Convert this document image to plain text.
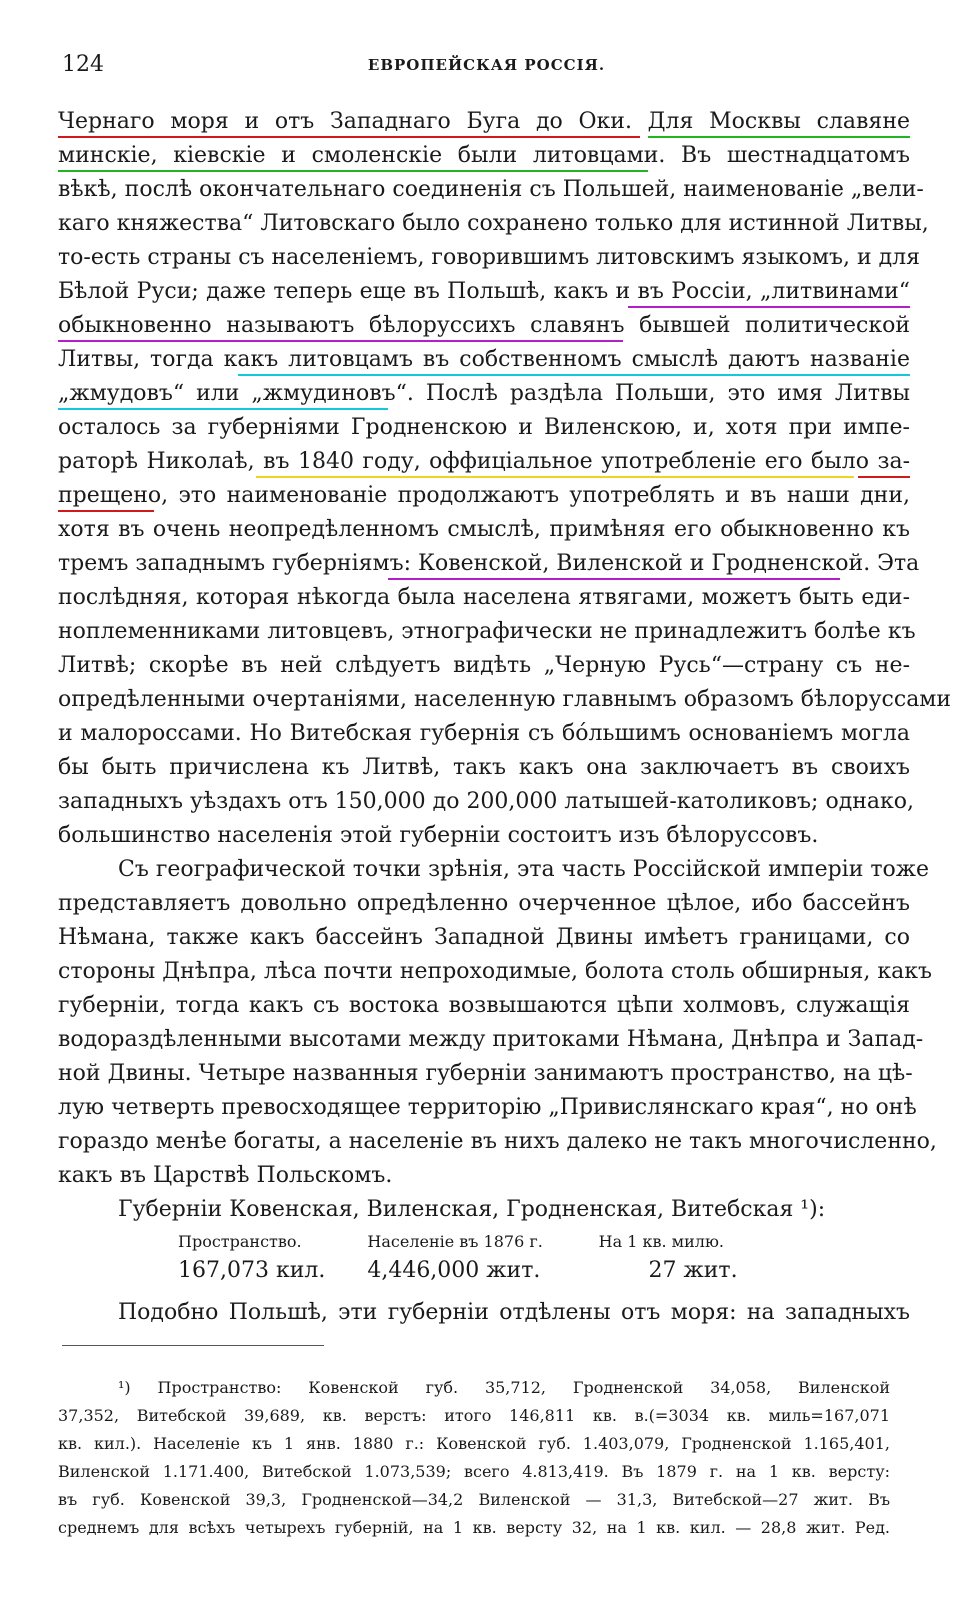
124	ЕВРОПЕЙСКАЯ РОССІЯ.
Чернаго моря и отъ Западнаго Буга до Оки. Для Москвы славяне
минскіе, кіевскіе и смоленскіе были литовцами. Въ шестнадцатомъ
вѣкѣ, послѣ окончательнаго соединенія съ Польшей, наименованіе „вели-
каго княжества“ Литовскаго было сохранено только для истинной Литвы,
то-есть страны съ населеніемъ, говорившимъ литовскимъ языкомъ, и для
Бѣлой Руси; даже теперь еще въ Польшѣ, какъ и въ Россіи, „литвинами“
обыкновенно называютъ бѣлоруссихъ славянъ бывшей политической
Литвы, тогда какъ литовцамъ въ собственномъ смыслѣ даютъ названіе
„жмудовъ“ или „жмудиновъ“. Послѣ раздѣла Польши, это имя Литвы
осталось за губерніями Гродненскою и Виленскою, и, хотя при импе-
раторѣ Николаѣ, въ 1840 году, оффиціальное употребленіе его было за-
прещено, это наименованіе продолжаютъ употреблять и въ наши дни,
хотя въ очень неопредѣленномъ смыслѣ, примѣняя его обыкновенно къ
тремъ западнымъ губерніямъ: Ковенской, Виленской и Гродненской. Эта
послѣдняя, которая нѣкогда была населена ятвягами, можетъ быть еди-
ноплеменниками литовцевъ, этнографически не принадлежитъ болѣе къ
Литвѣ; скорѣе въ ней слѣдуетъ видѣть „Черную Русь“—страну съ не-
опредѣленными очертаніями, населенную главнымъ образомъ бѣлоруссами
и малороссами. Но Витебская губернія съ бóльшимъ основаніемъ могла
бы быть причислена къ Литвѣ, такъ какъ она заключаетъ въ своихъ
западныхъ уѣздахъ отъ 150,000 до 200,000 латышей-католиковъ; однако,
большинство населенія этой губерніи состоитъ изъ бѣлоруссовъ.
Съ географической точки зрѣнія, эта часть Россійской имперіи тоже
представляетъ довольно опредѣленно очерченное цѣлое, ибо бассейнъ
Нѣмана, также какъ бассейнъ Западной Двины имѣетъ границами, со
стороны Днѣпра, лѣса почти непроходимые, болота столь обширныя, какъ
губерніи, тогда какъ съ востока возвышаются цѣпи холмовъ, служащія
водораздѣленными высотами между притоками Нѣмана, Днѣпра и Запад-
ной Двины. Четыре названныя губерніи занимаютъ пространство, на цѣ-
лую четверть превосходящее территорію „Привислянскаго края“, но онѣ
гораздо менѣе богаты, а населеніе въ нихъ далеко не такъ многочисленно,
какъ въ Царствѣ Польскомъ.
Губерніи Ковенская, Виленская, Гродненская, Витебская ¹):
Пространство.	Населеніе въ 1876 г.	На 1 кв. милю.
167,073 кил.	4,446,000 жит.	27 жит.
Подобно Польшѣ, эти губерніи отдѣлены отъ моря: на западныхъ
¹) Пространство: Ковенской губ. 35,712, Гродненской 34,058, Виленской
37,352, Витебской 39,689, кв. верстъ: итого 146,811 кв. в.(=3034 кв. миль=167,071
кв. кил.). Населеніе къ 1 янв. 1880 г.: Ковенской губ. 1.403,079, Гродненской 1.165,401,
Виленской 1.171.400, Витебской 1.073,539; всего 4.813,419. Въ 1879 г. на 1 кв. версту:
въ губ. Ковенской 39,3, Гродненской—34,2 Виленской — 31,3, Витебской—27 жит. Въ
среднемъ для всѣхъ четырехъ губерній, на 1 кв. версту 32, на 1 кв. кил. — 28,8 жит. Ред.
